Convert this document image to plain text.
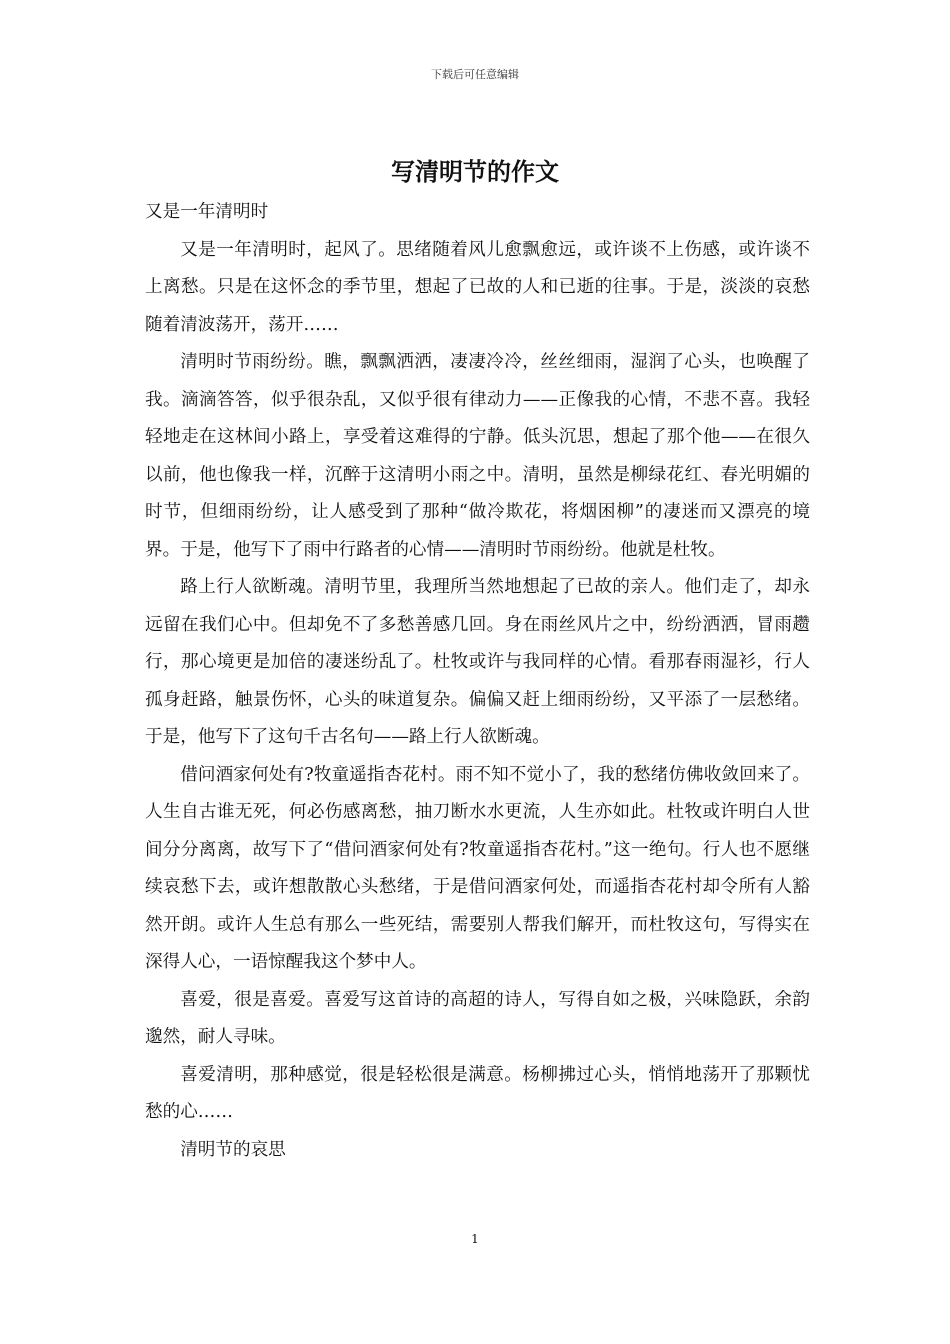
下载后可任意编辑
写清明节的作文

又是一年清明时

又是一年清明时，起风了。思绪随着风儿愈飘愈远，或许谈不上伤感，或许谈不上离愁。只是在这怀念的季节里，想起了已故的人和已逝的往事。于是，淡淡的哀愁随着清波荡开，荡开……

清明时节雨纷纷。瞧，飘飘洒洒，凄凄冷冷，丝丝细雨，湿润了心头，也唤醒了我。滴滴答答，似乎很杂乱，又似乎很有律动力——正像我的心情，不悲不喜。我轻轻地走在这林间小路上，享受着这难得的宁静。低头沉思，想起了那个他——在很久以前，他也像我一样，沉醉于这清明小雨之中。清明，虽然是柳绿花红、春光明媚的时节，但细雨纷纷，让人感受到了那种“做冷欺花，将烟困柳”的凄迷而又漂亮的境界。于是，他写下了雨中行路者的心情——清明时节雨纷纷。他就是杜牧。

路上行人欲断魂。清明节里，我理所当然地想起了已故的亲人。他们走了，却永远留在我们心中。但却免不了多愁善感几回。身在雨丝风片之中，纷纷洒洒，冒雨趱行，那心境更是加倍的凄迷纷乱了。杜牧或许与我同样的心情。看那春雨湿衫，行人孤身赶路，触景伤怀，心头的味道复杂。偏偏又赶上细雨纷纷，又平添了一层愁绪。于是，他写下了这句千古名句——路上行人欲断魂。

借问酒家何处有?牧童遥指杏花村。雨不知不觉小了，我的愁绪仿佛收敛回来了。人生自古谁无死，何必伤感离愁，抽刀断水水更流，人生亦如此。杜牧或许明白人世间分分离离，故写下了“借问酒家何处有?牧童遥指杏花村。”这一绝句。行人也不愿继续哀愁下去，或许想散散心头愁绪，于是借问酒家何处，而遥指杏花村却令所有人豁然开朗。或许人生总有那么一些死结，需要别人帮我们解开，而杜牧这句，写得实在深得人心，一语惊醒我这个梦中人。

喜爱，很是喜爱。喜爱写这首诗的高超的诗人，写得自如之极，兴味隐跃，余韵邈然，耐人寻味。

喜爱清明，那种感觉，很是轻松很是满意。杨柳拂过心头，悄悄地荡开了那颗忧愁的心……

清明节的哀思

1
